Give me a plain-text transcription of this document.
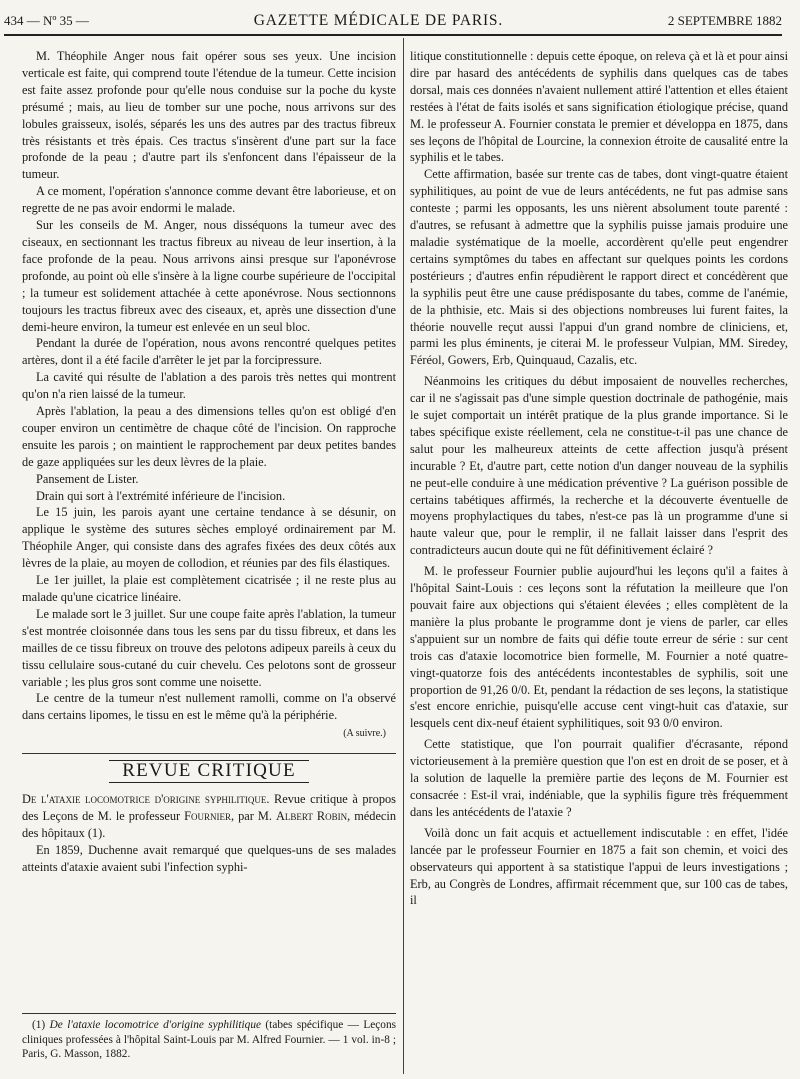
434 — Nº 35 —	GAZETTE MÉDICALE DE PARIS.	2 SEPTEMBRE 1882

M. Théophile Anger nous fait opérer sous ses yeux. Une incision verticale est faite, qui comprend toute l'étendue de la tumeur. Cette incision est faite assez profonde pour qu'elle nous conduise sur la poche du kyste présumé ; mais, au lieu de tomber sur une poche, nous arrivons sur des lobules graisseux, isolés, séparés les uns des autres par des tractus fibreux très résistants et très épais. Ces tractus s'insèrent d'une part sur la face profonde de la peau ; d'autre part ils s'enfoncent dans l'épaisseur de la tumeur.

A ce moment, l'opération s'annonce comme devant être laborieuse, et on regrette de ne pas avoir endormi le malade.

Sur les conseils de M. Anger, nous disséquons la tumeur avec des ciseaux, en sectionnant les tractus fibreux au niveau de leur insertion, à la face profonde de la peau. Nous arrivons ainsi presque sur l'aponévrose profonde, au point où elle s'insère à la ligne courbe supérieure de l'occipital ; la tumeur est solidement attachée à cette aponévrose. Nous sectionnons toujours les tractus fibreux avec des ciseaux, et, après une dissection d'une demi-heure environ, la tumeur est enlevée en un seul bloc.

Pendant la durée de l'opération, nous avons rencontré quelques petites artères, dont il a été facile d'arrêter le jet par la forcipressure.

La cavité qui résulte de l'ablation a des parois très nettes qui montrent qu'on n'a rien laissé de la tumeur.

Après l'ablation, la peau a des dimensions telles qu'on est obligé d'en couper environ un centimètre de chaque côté de l'incision. On rapproche ensuite les parois ; on maintient le rapprochement par deux petites bandes de gaze appliquées sur les deux lèvres de la plaie.

Pansement de Lister.

Drain qui sort à l'extrémité inférieure de l'incision.

Le 15 juin, les parois ayant une certaine tendance à se désunir, on applique le système des sutures sèches employé ordinairement par M. Théophile Anger, qui consiste dans des agrafes fixées des deux côtés aux lèvres de la plaie, au moyen de collodion, et réunies par des fils élastiques.

Le 1er juillet, la plaie est complètement cicatrisée ; il ne reste plus au malade qu'une cicatrice linéaire.

Le malade sort le 3 juillet. Sur une coupe faite après l'ablation, la tumeur s'est montrée cloisonnée dans tous les sens par du tissu fibreux, et dans les mailles de ce tissu fibreux on trouve des pelotons adipeux pareils à ceux du tissu cellulaire sous-cutané du cuir chevelu. Ces pelotons sont de grosseur variable ; les plus gros sont comme une noisette.

Le centre de la tumeur n'est nullement ramolli, comme on l'a observé dans certains lipomes, le tissu en est le même qu'à la périphérie.

(A suivre.)
REVUE CRITIQUE

De l'ataxie locomotrice d'origine syphilitique. Revue critique à propos des Leçons de M. le professeur Fournier, par M. Albert Robin, médecin des hôpitaux (1).

En 1859, Duchenne avait remarqué que quelques-uns de ses malades atteints d'ataxie avaient subi l'infection syphi-

(1) De l'ataxie locomotrice d'origine syphilitique (tabes spécifique — Leçons cliniques professées à l'hôpital Saint-Louis par M. Alfred Fournier. — 1 vol. in-8 ; Paris, G. Masson, 1882.

litique constitutionnelle : depuis cette époque, on releva çà et là et pour ainsi dire par hasard des antécédents de syphilis dans quelques cas de tabes dorsal, mais ces données n'avaient nullement attiré l'attention et elles étaient restées à l'état de faits isolés et sans signification étiologique précise, quand M. le professeur A. Fournier constata le premier et développa en 1875, dans ses leçons de l'hôpital de Lourcine, la connexion étroite de causalité entre la syphilis et le tabes.

Cette affirmation, basée sur trente cas de tabes, dont vingt-quatre étaient syphilitiques, au point de vue de leurs antécédents, ne fut pas admise sans conteste ; parmi les opposants, les uns nièrent absolument toute parenté : d'autres, se refusant à admettre que la syphilis puisse jamais produire une maladie systématique de la moelle, accordèrent qu'elle peut engendrer certains symptômes du tabes en affectant sur quelques points les cordons postérieurs ; d'autres enfin répudièrent le rapport direct et concédèrent que la syphilis peut être une cause prédisposante du tabes, comme de l'anémie, de la phthisie, etc. Mais si des objections nombreuses lui furent faites, la théorie nouvelle reçut aussi l'appui d'un grand nombre de cliniciens, et, parmi les plus éminents, je citerai M. le professeur Vulpian, MM. Siredey, Féréol, Gowers, Erb, Quinquaud, Cazalis, etc.

Néanmoins les critiques du début imposaient de nouvelles recherches, car il ne s'agissait pas d'une simple question doctrinale de pathogénie, mais le sujet comportait un intérêt pratique de la plus grande importance. Si le tabes spécifique existe réellement, cela ne constitue-t-il pas une chance de salut pour les malheureux atteints de cette affection jusqu'à présent incurable ? Et, d'autre part, cette notion d'un danger nouveau de la syphilis ne peut-elle conduire à une médication préventive ? La guérison possible de certains tabétiques affirmés, la recherche et la découverte éventuelle de moyens prophylactiques du tabes, n'est-ce pas là un programme d'une si haute valeur que, pour le remplir, il ne fallait laisser dans l'esprit des contradicteurs aucun doute qui ne fût définitivement éclairé ?

M. le professeur Fournier publie aujourd'hui les leçons qu'il a faites à l'hôpital Saint-Louis : ces leçons sont la réfutation la meilleure que l'on pouvait faire aux objections qui s'étaient élevées ; elles complètent de la manière la plus probante le programme dont je viens de parler, car elles s'appuient sur un nombre de faits qui défie toute erreur de série : sur cent trois cas d'ataxie locomotrice bien formelle, M. Fournier a noté quatre-vingt-quatorze fois des antécédents incontestables de syphilis, soit une proportion de 91,26 0/0. Et, pendant la rédaction de ses leçons, la statistique s'est encore enrichie, puisqu'elle accuse cent vingt-huit cas d'ataxie, sur lesquels cent dix-neuf étaient syphilitiques, soit 93 0/0 environ.

Cette statistique, que l'on pourrait qualifier d'écrasante, répond victorieusement à la première question que l'on est en droit de se poser, et à la solution de laquelle la première partie des leçons de M. Fournier est consacrée : Est-il vrai, indéniable, que la syphilis figure très fréquemment dans les antécédents de l'ataxie ?

Voilà donc un fait acquis et actuellement indiscutable : en effet, l'idée lancée par le professeur Fournier en 1875 a fait son chemin, et voici des observateurs qui apportent à sa statistique l'appui de leurs investigations ; Erb, au Congrès de Londres, affirmait récemment que, sur 100 cas de tabes, il
